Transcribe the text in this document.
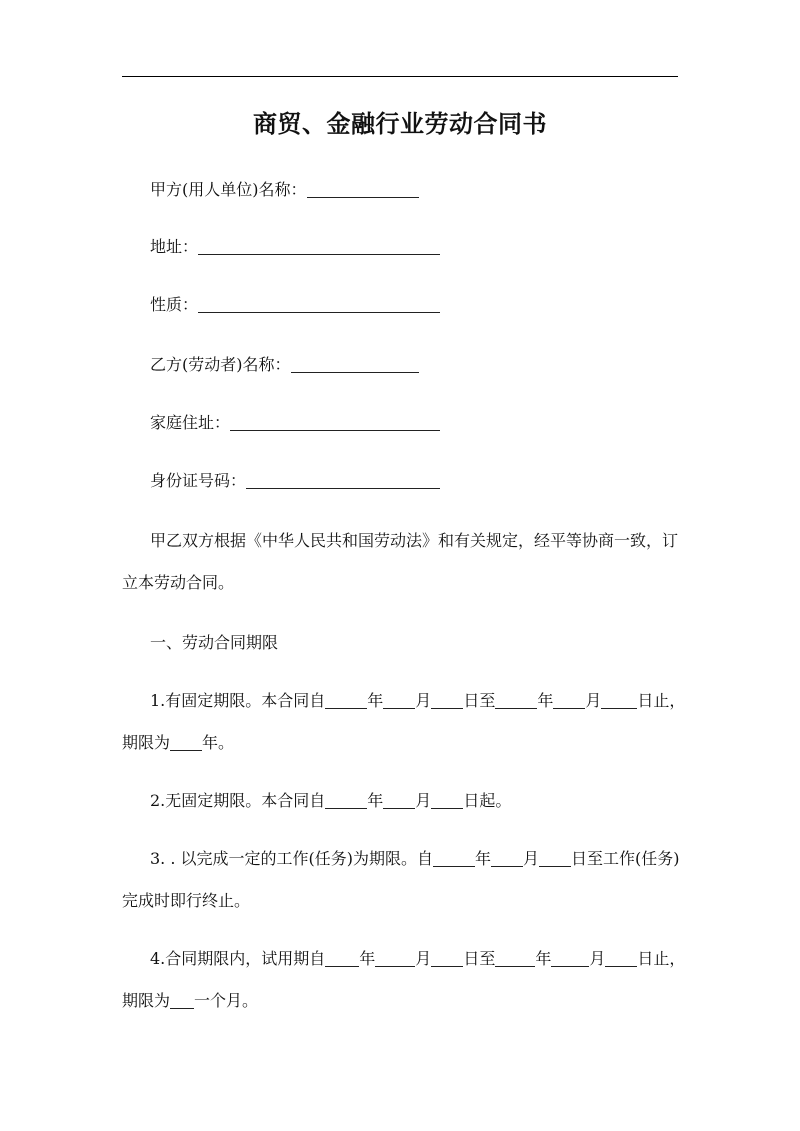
商贸、金融行业劳动合同书
甲方(用人单位)名称：
地址：
性质：
乙方(劳动者)名称：
家庭住址：
身份证号码：
甲乙双方根据《中华人民共和国劳动法》和有关规定，经平等协商一致，订
立本劳动合同。
一、劳动合同期限
1.有固定期限。本合同自	年 月 日至	年 月 日止，
期限为 年。
2.无固定期限。本合同自	年 月 日起。
3. . 以完成一定的工作(任务)为期限。自	年 月 日至工作(任务)
完成时即行终止。
4.合同期限内，试用期自 年	月 日至	年 月 日止，
期限为 一个月。
